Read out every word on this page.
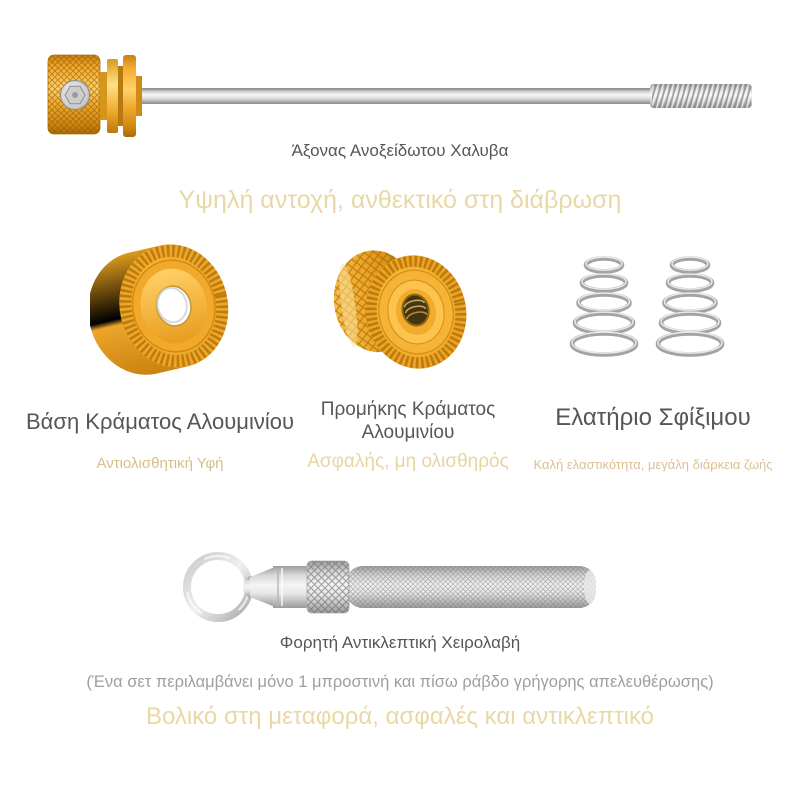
Άξονας Ανοξείδωτου Χαλυβα
Υψηλή αντοχή, ανθεκτικό στη διάβρωση
Βάση Κράματος Αλουμινίου	Προμήκης Κράματος Αλουμινίου
Ελατήριο Σφίξιμου
Αντιολισθητική Υφή	Ασφαλής, μη ολισθηρός	Καλή ελαστικότητα, μεγάλη διάρκεια ζωής
Φορητή Αντικλεπτική Χειρολαβή
(Ένα σετ περιλαμβάνει μόνο 1 μπροστινή και πίσω ράβδο γρήγορης απελευθέρωσης)
Βολικό στη μεταφορά, ασφαλές και αντικλεπτικό
